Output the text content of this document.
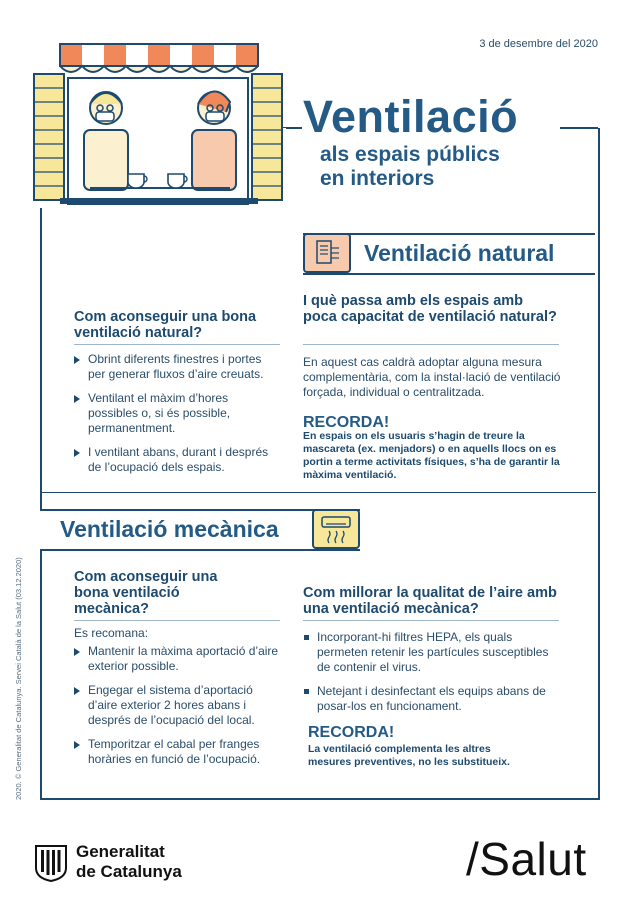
3 de desembre del 2020
Ventilació
als espais públics
en interiors
Ventilació natural
Com aconseguir una bona ventilació natural?
Obrint diferents finestres i portes per generar fluxos d’aire creuats.
Ventilant el màxim d’hores possibles o, si és possible, permanentment.
I ventilant abans, durant i després de l’ocupació dels espais.
I què passa amb els espais amb poca capacitat de ventilació natural?
En aquest cas caldrà adoptar alguna mesura complementària, com la instal·lació de ventilació forçada, individual o centralitzada.
RECORDA!
En espais on els usuaris s’hagin de treure la mascareta (ex. menjadors) o en aquells llocs on es portin a terme activitats físiques, s’ha de garantir la màxima ventilació.
Ventilació mecànica
Com aconseguir una bona ventilació mecànica?
Es recomana:
Mantenir la màxima aportació d’aire exterior possible.
Engegar el sistema d’aportació d’aire exterior 2 hores abans i després de l’ocupació del local.
Temporitzar el cabal per franges horàries en funció de l’ocupació.
Com millorar la qualitat de l’aire amb una ventilació mecànica?
Incorporant-hi filtres HEPA, els quals permeten retenir les partícules susceptibles de contenir el virus.
Netejant i desinfectant els equips abans de posar-los en funcionament.
RECORDA!
La ventilació complementa les altres mesures preventives, no les substitueix.
2020. © Generalitat de Catalunya. Servei Català de la Salut (03.12.2020)
Generalitat
de Catalunya	/Salut
